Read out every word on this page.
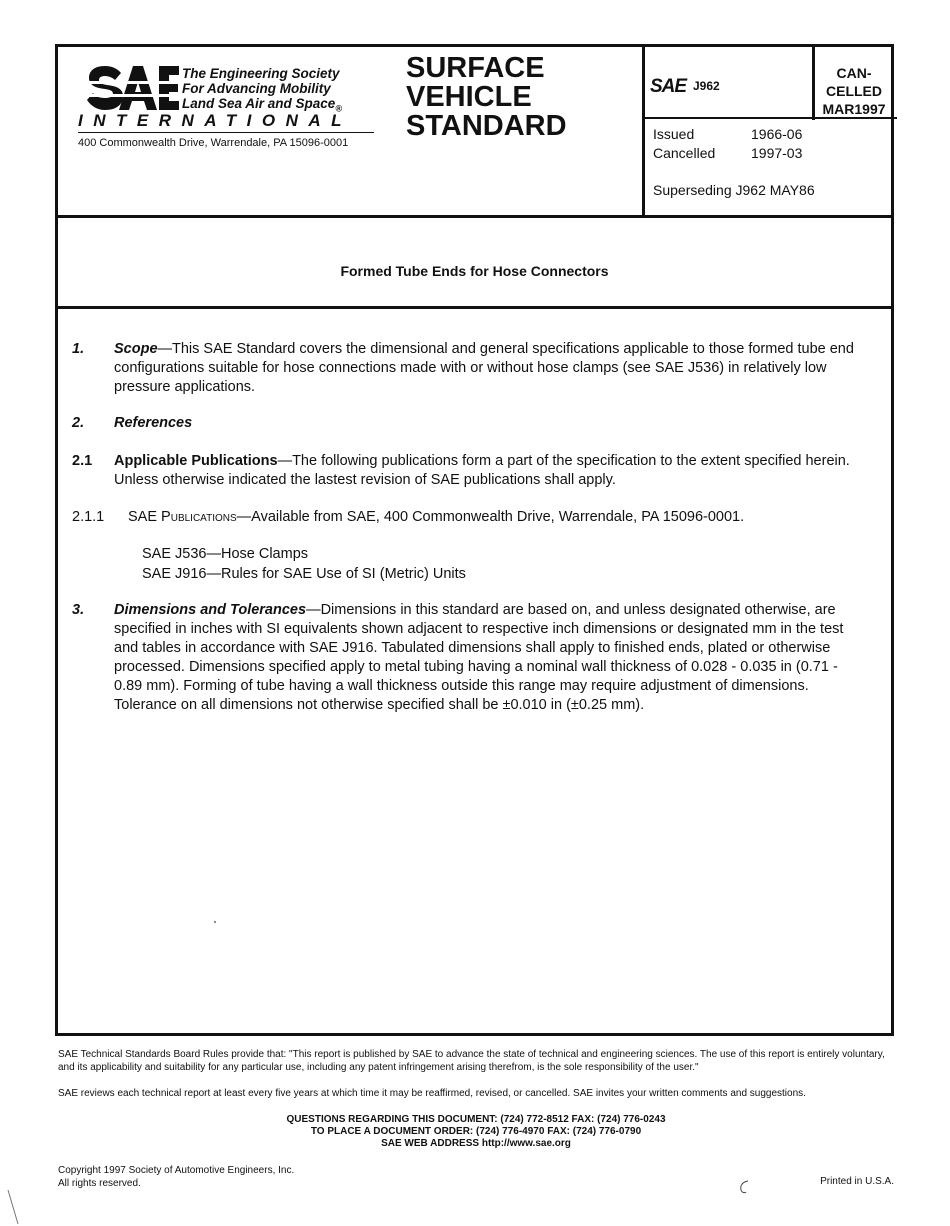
The Engineering Society
For Advancing Mobility
Land Sea Air and Space$_®$
INTERNATIONAL
400 Commonwealth Drive, Warrendale, PA 15096-0001
SURFACE
VEHICLE
STANDARD
SAE J962
CAN-
CELLED
MAR1997
Issued	1966-06
Cancelled	1997-03
Superseding J962 MAY86
Formed Tube Ends for Hose Connectors
1. Scope—This SAE Standard covers the dimensional and general specifications applicable to those formed tube end configurations suitable for hose connections made with or without hose clamps (see SAE J536) in relatively low pressure applications.
2. References
2.1 Applicable Publications—The following publications form a part of the specification to the extent specified herein. Unless otherwise indicated the lastest revision of SAE publications shall apply.
2.1.1 SAE Publications—Available from SAE, 400 Commonwealth Drive, Warrendale, PA 15096-0001.
SAE J536—Hose Clamps
SAE J916—Rules for SAE Use of SI (Metric) Units
3. Dimensions and Tolerances—Dimensions in this standard are based on, and unless designated otherwise, are specified in inches with SI equivalents shown adjacent to respective inch dimensions or designated mm in the test and tables in accordance with SAE J916. Tabulated dimensions shall apply to finished ends, plated or otherwise processed. Dimensions specified apply to metal tubing having a nominal wall thickness of 0.028 - 0.035 in (0.71 - 0.89 mm). Forming of tube having a wall thickness outside this range may require adjustment of dimensions. Tolerance on all dimensions not otherwise specified shall be ±0.010 in (±0.25 mm).
SAE Technical Standards Board Rules provide that: "This report is published by SAE to advance the state of technical and engineering sciences. The use of this report is entirely voluntary, and its applicability and suitability for any particular use, including any patent infringement arising therefrom, is the sole responsibility of the user."
SAE reviews each technical report at least every five years at which time it may be reaffirmed, revised, or cancelled. SAE invites your written comments and suggestions.
QUESTIONS REGARDING THIS DOCUMENT: (724) 772-8512 FAX: (724) 776-0243
TO PLACE A DOCUMENT ORDER: (724) 776-4970 FAX: (724) 776-0790
SAE WEB ADDRESS http://www.sae.org
Copyright 1997 Society of Automotive Engineers, Inc.
All rights reserved.	Printed in U.S.A.
